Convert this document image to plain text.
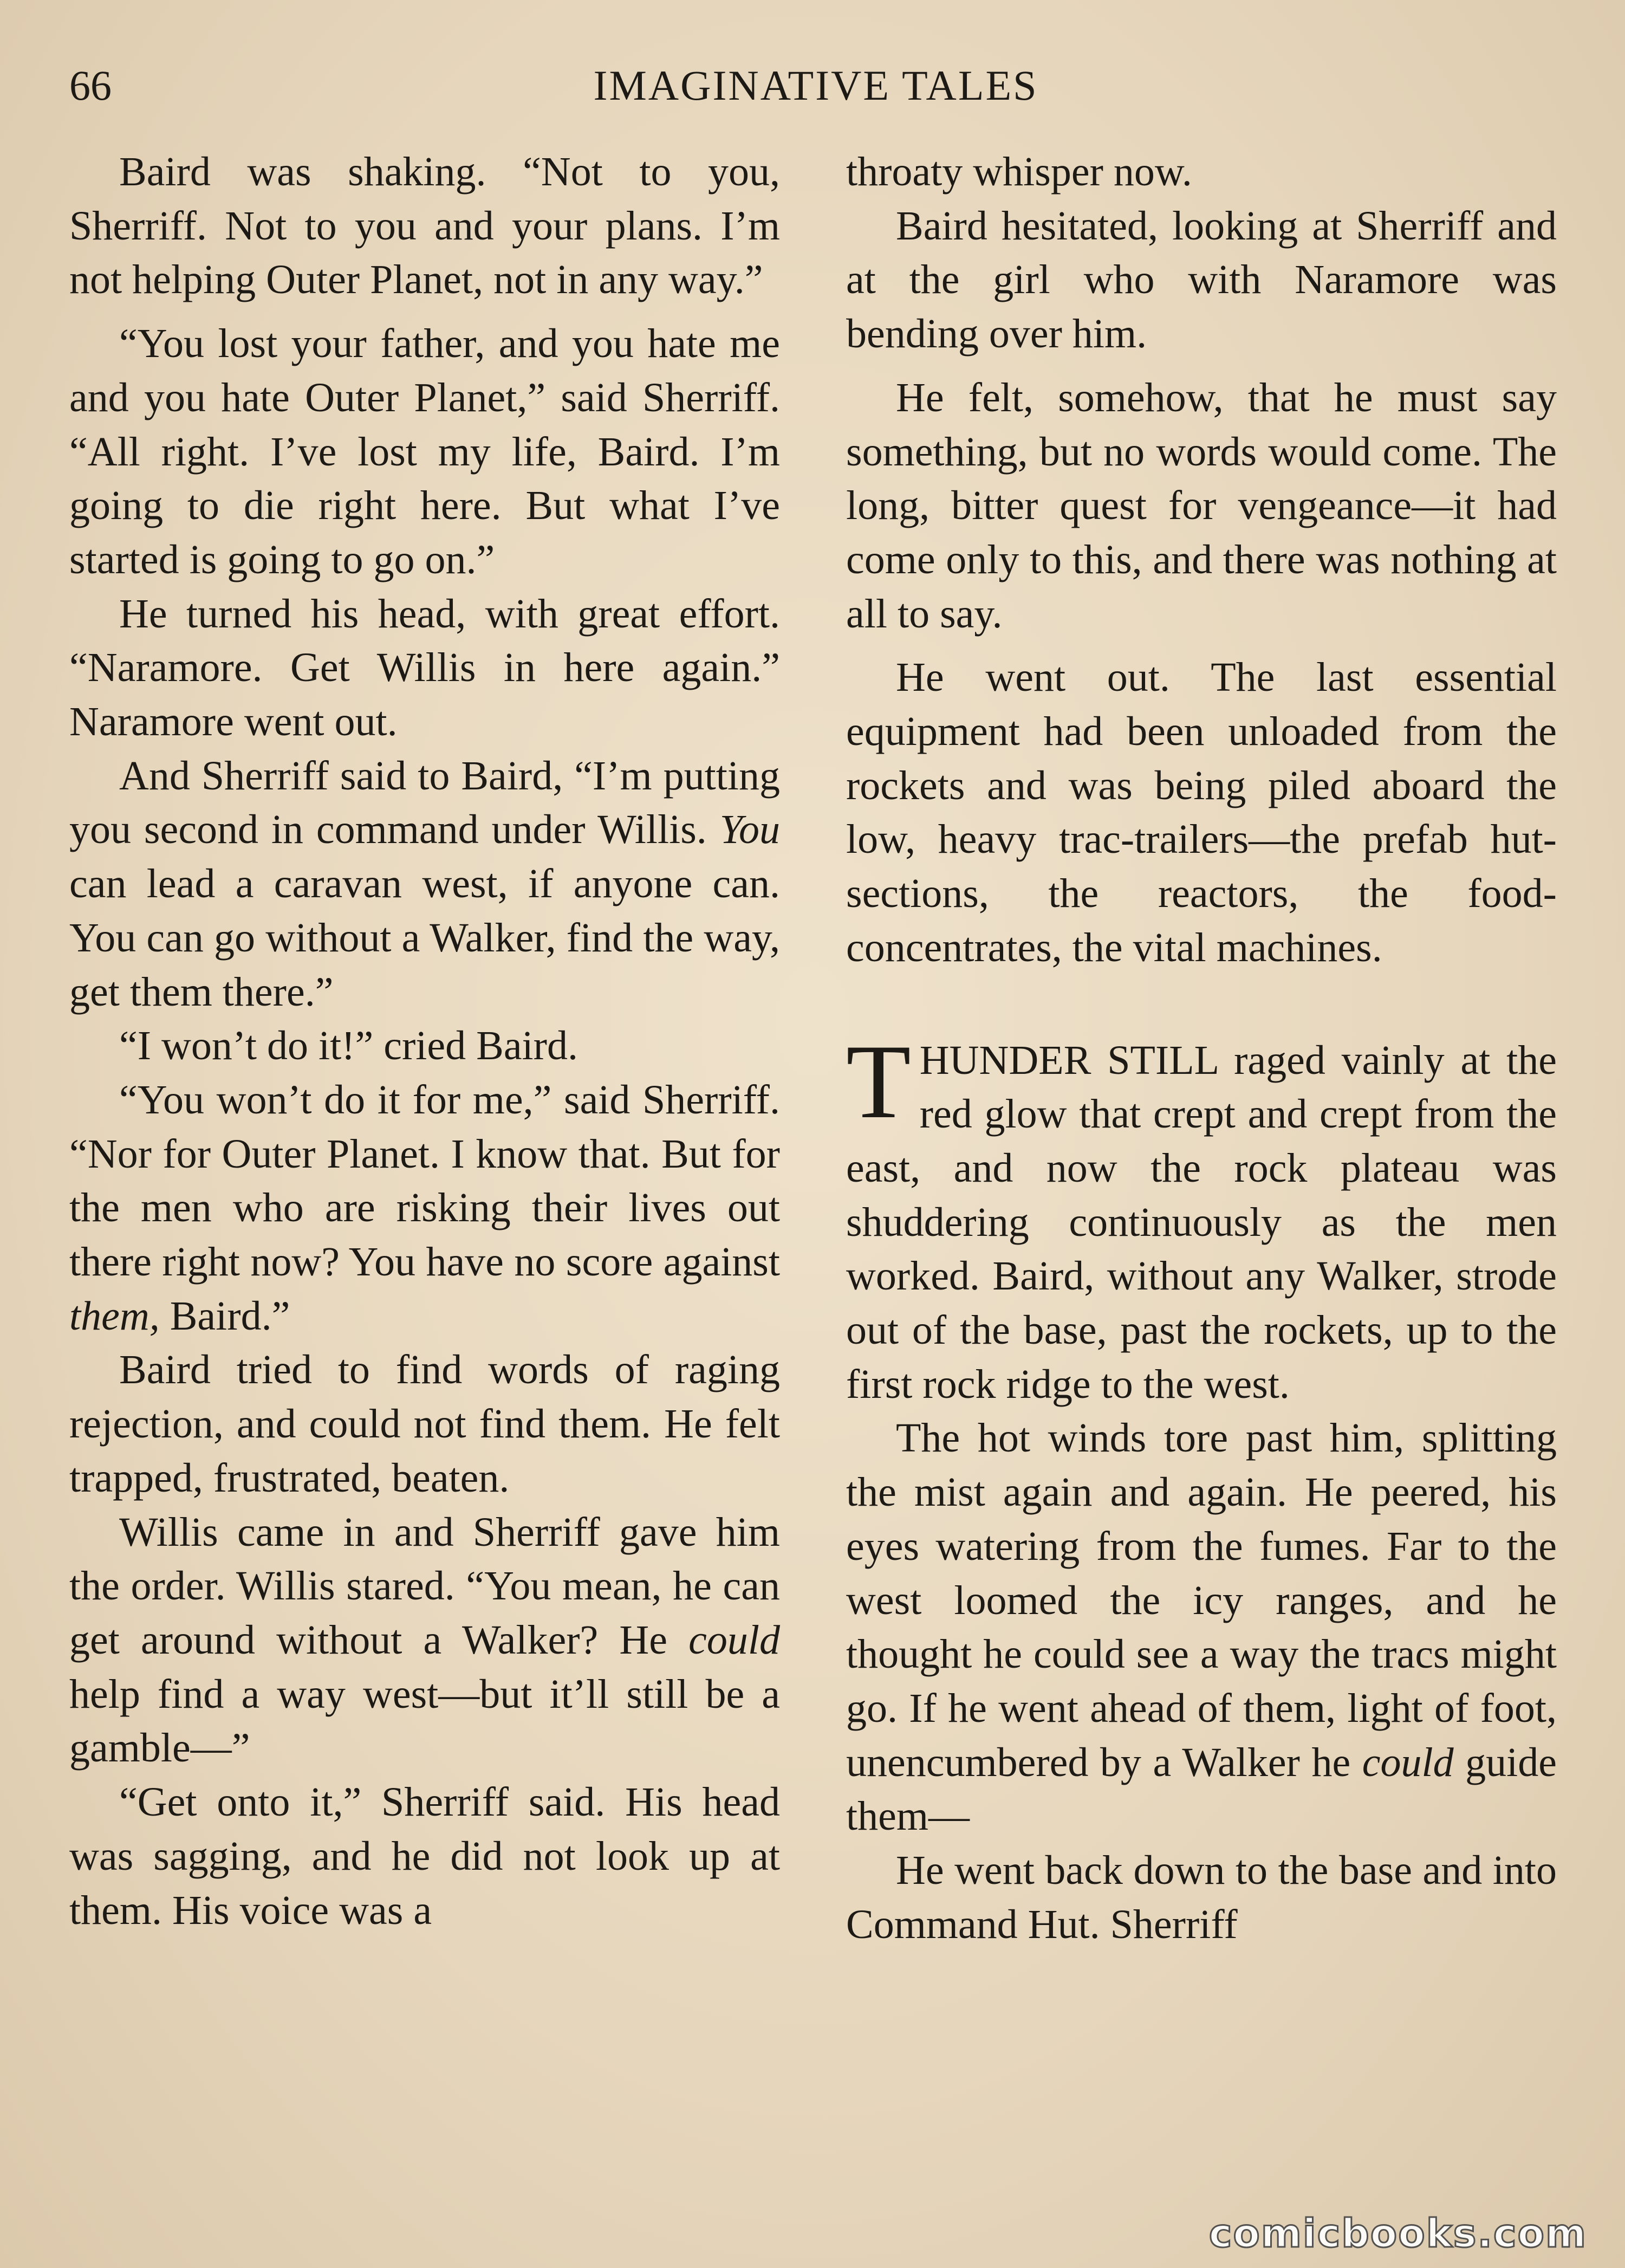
66	IMAGINATIVE TALES

Baird was shaking. “Not to you, Sherriff. Not to you and your plans. I’m not helping Outer Planet, not in any way.”

“You lost your father, and you hate me and you hate Outer Planet,” said Sherriff. “All right. I’ve lost my life, Baird. I’m going to die right here. But what I’ve started is going to go on.”

He turned his head, with great effort. “Naramore. Get Willis in here again.” Naramore went out.

And Sherriff said to Baird, “I’m putting you second in command under Willis. You can lead a caravan west, if anyone can. You can go without a Walker, find the way, get them there.”

“I won’t do it!” cried Baird.

“You won’t do it for me,” said Sherriff. “Nor for Outer Planet. I know that. But for the men who are risking their lives out there right now? You have no score against them, Baird.”

Baird tried to find words of raging rejection, and could not find them. He felt trapped, frustrated, beaten.

Willis came in and Sherriff gave him the order. Willis stared. “You mean, he can get around without a Walker? He could help find a way west—but it’ll still be a gamble—”

“Get onto it,” Sherriff said. His head was sagging, and he did not look up at them. His voice was a

throaty whisper now.

Baird hesitated, looking at Sherriff and at the girl who with Naramore was bending over him.

He felt, somehow, that he must say something, but no words would come. The long, bitter quest for vengeance—it had come only to this, and there was nothing at all to say.

He went out. The last essential equipment had been unloaded from the rockets and was being piled aboard the low, heavy trac-trailers—the prefab hut-sections, the reactors, the food-concentrates, the vital machines.

THUNDER STILL raged vainly at the red glow that crept and crept from the east, and now the rock plateau was shuddering continuously as the men worked. Baird, without any Walker, strode out of the base, past the rockets, up to the first rock ridge to the west.

The hot winds tore past him, splitting the mist again and again. He peered, his eyes watering from the fumes. Far to the west loomed the icy ranges, and he thought he could see a way the tracs might go. If he went ahead of them, light of foot, unencumbered by a Walker he could guide them—

He went back down to the base and into Command Hut. Sherriff

comicbooks.com
